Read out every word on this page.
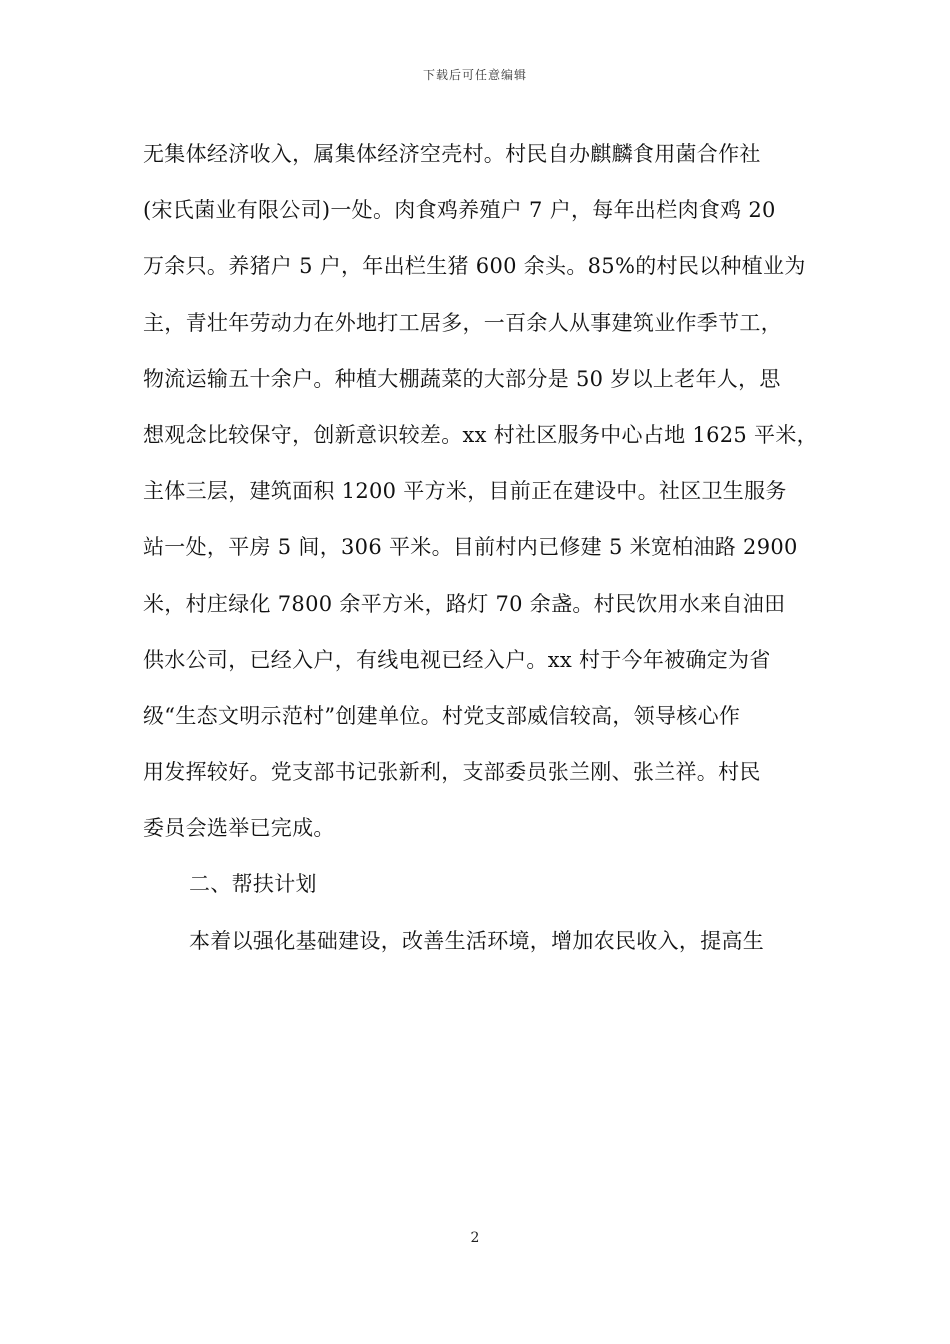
下载后可任意编辑
无集体经济收入，属集体经济空壳村。村民自办麒麟食用菌合作社
(宋氏菌业有限公司)一处。肉食鸡养殖户 7 户，每年出栏肉食鸡 20
万余只。养猪户 5 户，年出栏生猪 600 余头。85%的村民以种植业为
主，青壮年劳动力在外地打工居多，一百余人从事建筑业作季节工，
物流运输五十余户。种植大棚蔬菜的大部分是 50 岁以上老年人，思
想观念比较保守，创新意识较差。xx 村社区服务中心占地 1625 平米，
主体三层，建筑面积 1200 平方米，目前正在建设中。社区卫生服务
站一处，平房 5 间，306 平米。目前村内已修建 5 米宽柏油路 2900
米，村庄绿化 7800 余平方米，路灯 70 余盏。村民饮用水来自油田
供水公司，已经入户，有线电视已经入户。xx 村于今年被确定为省
级“生态文明示范村”创建单位。村党支部威信较高，领导核心作
用发挥较好。党支部书记张新利，支部委员张兰刚、张兰祥。村民
委员会选举已完成。
二、帮扶计划
本着以强化基础建设，改善生活环境，增加农民收入，提高生
2
